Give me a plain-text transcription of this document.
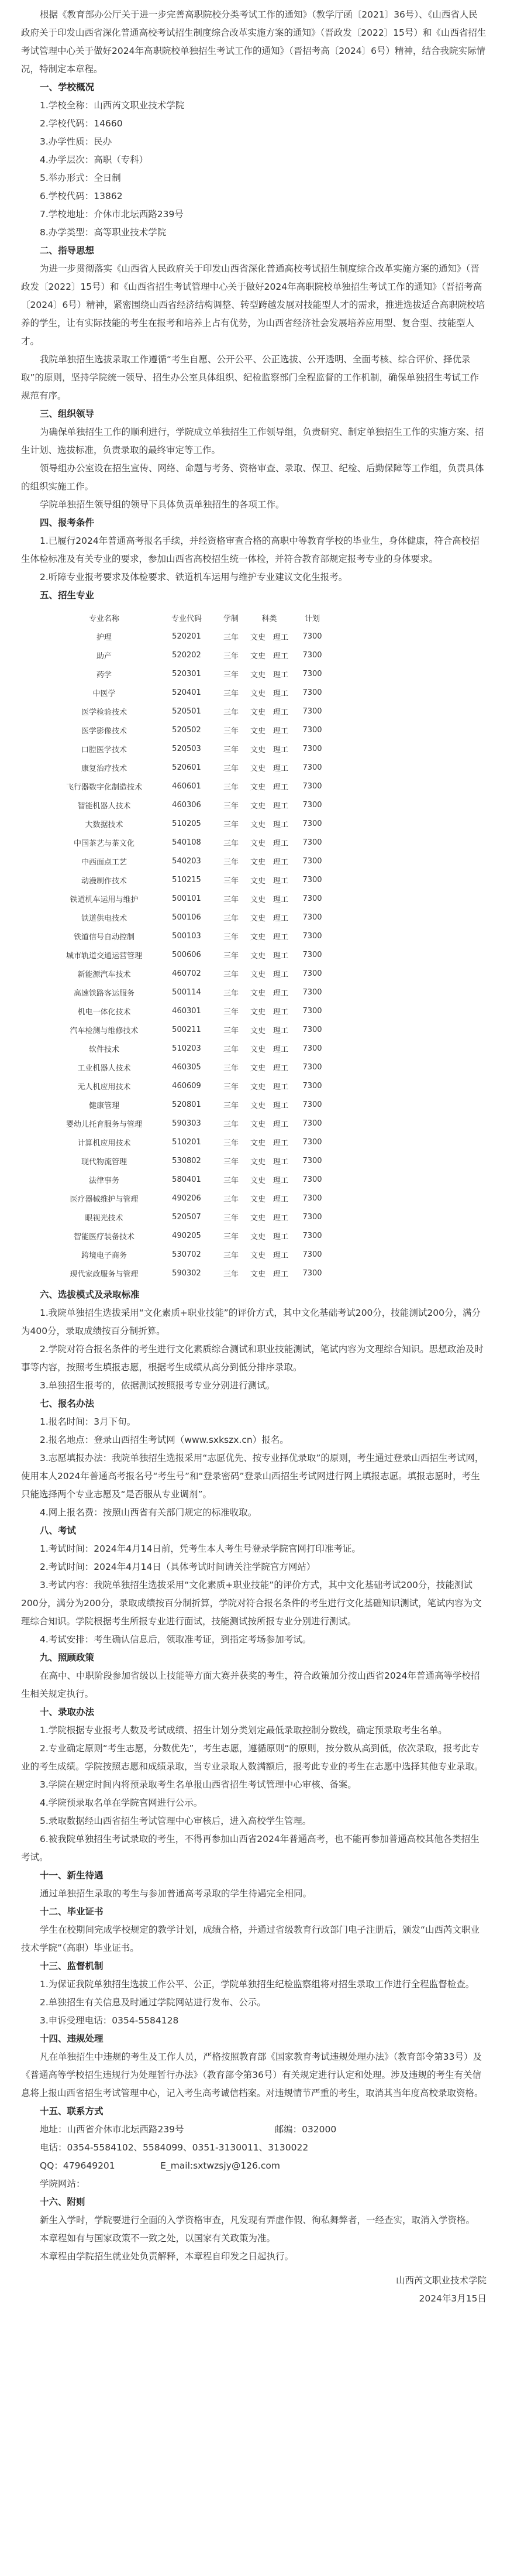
根据《教育部办公厅关于进一步完善高职院校分类考试工作的通知》（教学厅函〔2021〕36号）、《山西省人民政府关于印发山西省深化普通高校考试招生制度综合改革实施方案的通知》（晋政发〔2022〕15号）和《山西省招生考试管理中心关于做好2024年高职院校单独招生考试工作的通知》（晋招考高〔2024〕6号）精神，结合我院实际情况，特制定本章程。

一、学校概况

1.学校全称：山西芮文职业技术学院

2.学校代码：14660

3.办学性质：民办

4.办学层次：高职（专科）

5.举办形式：全日制

6.学校代码：13862

7.学校地址：介休市北坛西路239号

8.办学类型：高等职业技术学院

二、指导思想

为进一步贯彻落实《山西省人民政府关于印发山西省深化普通高校考试招生制度综合改革实施方案的通知》（晋政发〔2022〕15号）和《山西省招生考试管理中心关于做好2024年高职院校单独招生考试工作的通知》（晋招考高〔2024〕6号）精神，紧密围绕山西省经济结构调整、转型跨越发展对技能型人才的需求，推进选拔适合高职院校培养的学生，让有实际技能的考生在报考和培养上占有优势，为山西省经济社会发展培养应用型、复合型、技能型人才。

我院单独招生选拔录取工作遵循“考生自愿、公开公平、公正选拔、公开透明、全面考核、综合评价、择优录取”的原则，坚持学院统一领导、招生办公室具体组织、纪检监察部门全程监督的工作机制，确保单独招生考试工作规范有序。

三、组织领导

为确保单独招生工作的顺利进行，学院成立单独招生工作领导组，负责研究、制定单独招生工作的实施方案、招生计划、选拔标准，负责录取的最终审定等工作。

领导组办公室设在招生宣传、网络、命题与考务、资格审查、录取、保卫、纪检、后勤保障等工作组，负责具体的组织实施工作。

学院单独招生领导组的领导下具体负责单独招生的各项工作。

四、报考条件

1.已履行2024年普通高考报名手续，并经资格审查合格的高职中等教育学校的毕业生，身体健康，符合高校招生体检标准及有关专业的要求，参加山西省高校招生统一体检，并符合教育部规定报考专业的身体要求。

2.听障专业报考要求及体检要求、铁道机车运用与维护专业建议文化生报考。

五、招生专业

专业名称	专业代码	学制	科类	计划
护理	520201	三年	文史　理工	7300
助产	520202	三年	文史　理工	7300
药学	520301	三年	文史　理工	7300
中医学	520401	三年	文史　理工	7300
医学检验技术	520501	三年	文史　理工	7300
医学影像技术	520502	三年	文史　理工	7300
口腔医学技术	520503	三年	文史　理工	7300
康复治疗技术	520601	三年	文史　理工	7300
飞行器数字化制造技术	460601	三年	文史　理工	7300
智能机器人技术	460306	三年	文史　理工	7300
大数据技术	510205	三年	文史　理工	7300
中国茶艺与茶文化	540108	三年	文史　理工	7300
中西面点工艺	540203	三年	文史　理工	7300
动漫制作技术	510215	三年	文史　理工	7300
铁道机车运用与维护	500101	三年	文史　理工	7300
铁道供电技术	500106	三年	文史　理工	7300
铁道信号自动控制	500103	三年	文史　理工	7300
城市轨道交通运营管理	500606	三年	文史　理工	7300
新能源汽车技术	460702	三年	文史　理工	7300
高速铁路客运服务	500114	三年	文史　理工	7300
机电一体化技术	460301	三年	文史　理工	7300
汽车检测与维修技术	500211	三年	文史　理工	7300
软件技术	510203	三年	文史　理工	7300
工业机器人技术	460305	三年	文史　理工	7300
无人机应用技术	460609	三年	文史　理工	7300
健康管理	520801	三年	文史　理工	7300
婴幼儿托育服务与管理	590303	三年	文史　理工	7300
计算机应用技术	510201	三年	文史　理工	7300
现代物流管理	530802	三年	文史　理工	7300
法律事务	580401	三年	文史　理工	7300
医疗器械维护与管理	490206	三年	文史　理工	7300
眼视光技术	520507	三年	文史　理工	7300
智能医疗装备技术	490205	三年	文史　理工	7300
跨境电子商务	530702	三年	文史　理工	7300
现代家政服务与管理	590302	三年	文史　理工	7300

六、选拔模式及录取标准

1.我院单独招生选拔采用“文化素质+职业技能”的评价方式，其中文化基础考试200分，技能测试200分，满分为400分，录取成绩按百分制折算。

2.学院对符合报名条件的考生进行文化素质综合测试和职业技能测试，笔试内容为文理综合知识。思想政治及时事等内容，按照考生填报志愿，根据考生成绩从高分到低分排序录取。

3.单独招生报考的，依据测试按照报考专业分别进行测试。

七、报名办法

1.报名时间：3月下旬。

2.报名地点：登录山西招生考试网（www.sxkszx.cn）报名。

3.志愿填报办法：我院单独招生选报采用“志愿优先、按专业择优录取”的原则，考生通过登录山西招生考试网，使用本人2024年普通高考报名号“考生号”和“登录密码”登录山西招生考试网进行网上填报志愿。填报志愿时，考生只能选择两个专业志愿及“是否服从专业调剂”。

4.网上报名费：按照山西省有关部门规定的标准收取。

八、考试

1.考试时间：2024年4月14日前，凭考生本人考生号登录学院官网打印准考证。

2.考试时间：2024年4月14日（具体考试时间请关注学院官方网站）

3.考试内容：我院单独招生选拔采用“文化素质+职业技能”的评价方式，其中文化基础考试200分，技能测试200分，满分为200分，录取成绩按百分制折算，学院对符合报名条件的考生进行文化基础知识测试，笔试内容为文理综合知识。学院根据考生所报专业进行面试，技能测试按所报专业分别进行测试。

4.考试安排：考生确认信息后，领取准考证，到指定考场参加考试。

九、照顾政策

在高中、中职阶段参加省级以上技能等方面大赛并获奖的考生，符合政策加分按山西省2024年普通高等学校招生相关规定执行。

十、录取办法

1.学院根据专业报考人数及考试成绩、招生计划分类划定最低录取控制分数线，确定预录取考生名单。

2.专业确定原则“考生志愿，分数优先”，考生志愿，遵循原则“的原则，按分数从高到低，依次录取，报考此专业的考生成绩。学院按照志愿和成绩录取，当专业录取人数满额后，报考此专业的考生在志愿中选择其他专业录取。

3.学院在规定时间内将预录取考生名单报山西省招生考试管理中心审核、备案。

4.学院预录取名单在学院官网进行公示。

5.录取数据经山西省招生考试管理中心审核后，进入高校学生管理。

6.被我院单独招生考试录取的考生，不得再参加山西省2024年普通高考，也不能再参加普通高校其他各类招生考试。

十一、新生待遇

通过单独招生录取的考生与参加普通高考录取的学生待遇完全相同。

十二、毕业证书

学生在校期间完成学校规定的教学计划，成绩合格，并通过省级教育行政部门电子注册后，颁发“山西芮文职业技术学院”（高职）毕业证书。

十三、监督机制

1.为保证我院单独招生选拔工作公平、公正，学院单独招生纪检监察组将对招生录取工作进行全程监督检查。

2.单独招生有关信息及时通过学院网站进行发布、公示。

3.申诉受理电话：0354-5584128

十四、违规处理

凡在单独招生中违规的考生及工作人员，严格按照教育部《国家教育考试违规处理办法》（教育部令第33号）及《普通高等学校招生违规行为处理暂行办法》（教育部令第36号）有关规定进行认定和处理。涉及违规的考生有关信息将上报山西省招生考试管理中心，记入考生高考诚信档案。对违规情节严重的考生，取消其当年度高校录取资格。

十五、联系方式

地址：山西省介休市北坛西路239号　　　　　　　　　　邮编：032000

电话：0354-5584102、5584099、0351-3130011、3130022

QQ：479649201　　　　　E_mail:sxtwzsjy@126.com

学院网站：

十六、附则

新生入学时，学院要进行全面的入学资格审查，凡发现有弄虚作假、徇私舞弊者，一经查实，取消入学资格。

本章程如有与国家政策不一致之处，以国家有关政策为准。

本章程由学院招生就业处负责解释，本章程自印发之日起执行。

山西芮文职业技术学院

2024年3月15日
